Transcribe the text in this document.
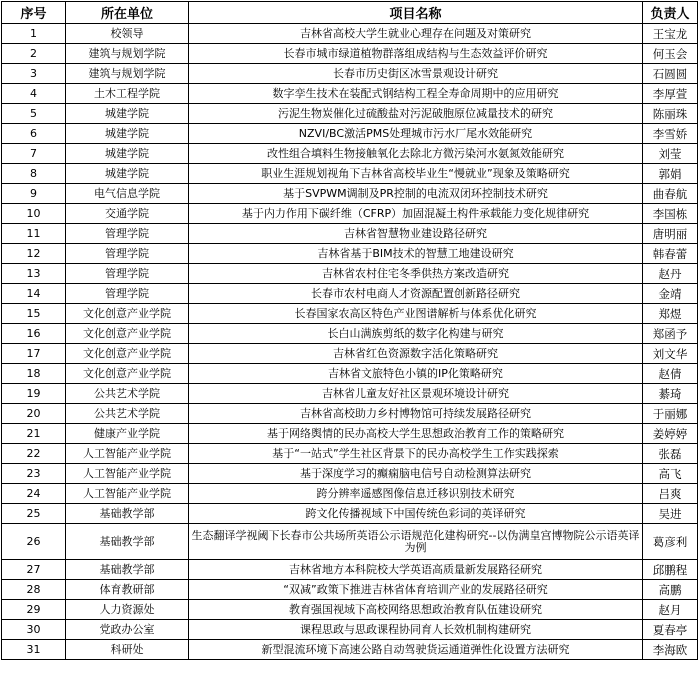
序号	所在单位	项目名称	负责人
1	校领导	吉林省高校大学生就业心理存在问题及对策研究	王宝龙
2	建筑与规划学院	长春市城市绿道植物群落组成结构与生态效益评价研究	何玉会
3	建筑与规划学院	长春市历史街区冰雪景观设计研究	石圆圆
4	土木工程学院	数字孪生技术在装配式钢结构工程全寿命周期中的应用研究	李厚萱
5	城建学院	污泥生物炭催化过硫酸盐对污泥破胞原位减量技术的研究	陈丽珠
6	城建学院	NZVI/BC激活PMS处理城市污水厂尾水效能研究	李雪娇
7	城建学院	改性组合填料生物接触氧化去除北方微污染河水氨氮效能研究	刘莹
8	城建学院	职业生涯规划视角下吉林省高校毕业生“慢就业”现象及策略研究	郭娟
9	电气信息学院	基于SVPWM调制及PR控制的电流双闭环控制技术研究	曲春航
10	交通学院	基于内力作用下碳纤维（CFRP）加固混凝土构件承载能力变化规律研究	李国栋
11	管理学院	吉林省智慧物业建设路径研究	唐明丽
12	管理学院	吉林省基于BIM技术的智慧工地建设研究	韩春蕾
13	管理学院	吉林省农村住宅冬季供热方案改造研究	赵丹
14	管理学院	长春市农村电商人才资源配置创新路径研究	金靖
15	文化创意产业学院	长春国家农高区特色产业图谱解析与体系优化研究	郑煜
16	文化创意产业学院	长白山满族剪纸的数字化构建与研究	郑函予
17	文化创意产业学院	吉林省红色资源数字活化策略研究	刘文华
18	文化创意产业学院	吉林省文旅特色小镇的IP化策略研究	赵倩
19	公共艺术学院	吉林省儿童友好社区景观环境设计研究	綦琦
20	公共艺术学院	吉林省高校助力乡村博物馆可持续发展路径研究	于丽娜
21	健康产业学院	基于网络舆情的民办高校大学生思想政治教育工作的策略研究	姜婷婷
22	人工智能产业学院	基于“一站式”学生社区背景下的民办高校学生工作实践探索	张磊
23	人工智能产业学院	基于深度学习的癫痫脑电信号自动检测算法研究	高飞
24	人工智能产业学院	跨分辨率遥感图像信息迁移识别技术研究	吕爽
25	基础教学部	跨文化传播视域下中国传统色彩词的英译研究	吴进
26	基础教学部	生态翻译学视阈下长春市公共场所英语公示语规范化建构研究--以伪满皇宫博物院公示语英译为例	葛彦利
27	基础教学部	吉林省地方本科院校大学英语高质量新发展路径研究	邱鹏程
28	体育教研部	“双减”政策下推进吉林省体育培训产业的发展路径研究	高鹏
29	人力资源处	教育强国视域下高校网络思想政治教育队伍建设研究	赵月
30	党政办公室	课程思政与思政课程协同育人长效机制构建研究	夏春亭
31	科研处	新型混流环境下高速公路自动驾驶货运通道弹性化设置方法研究	李海欧
